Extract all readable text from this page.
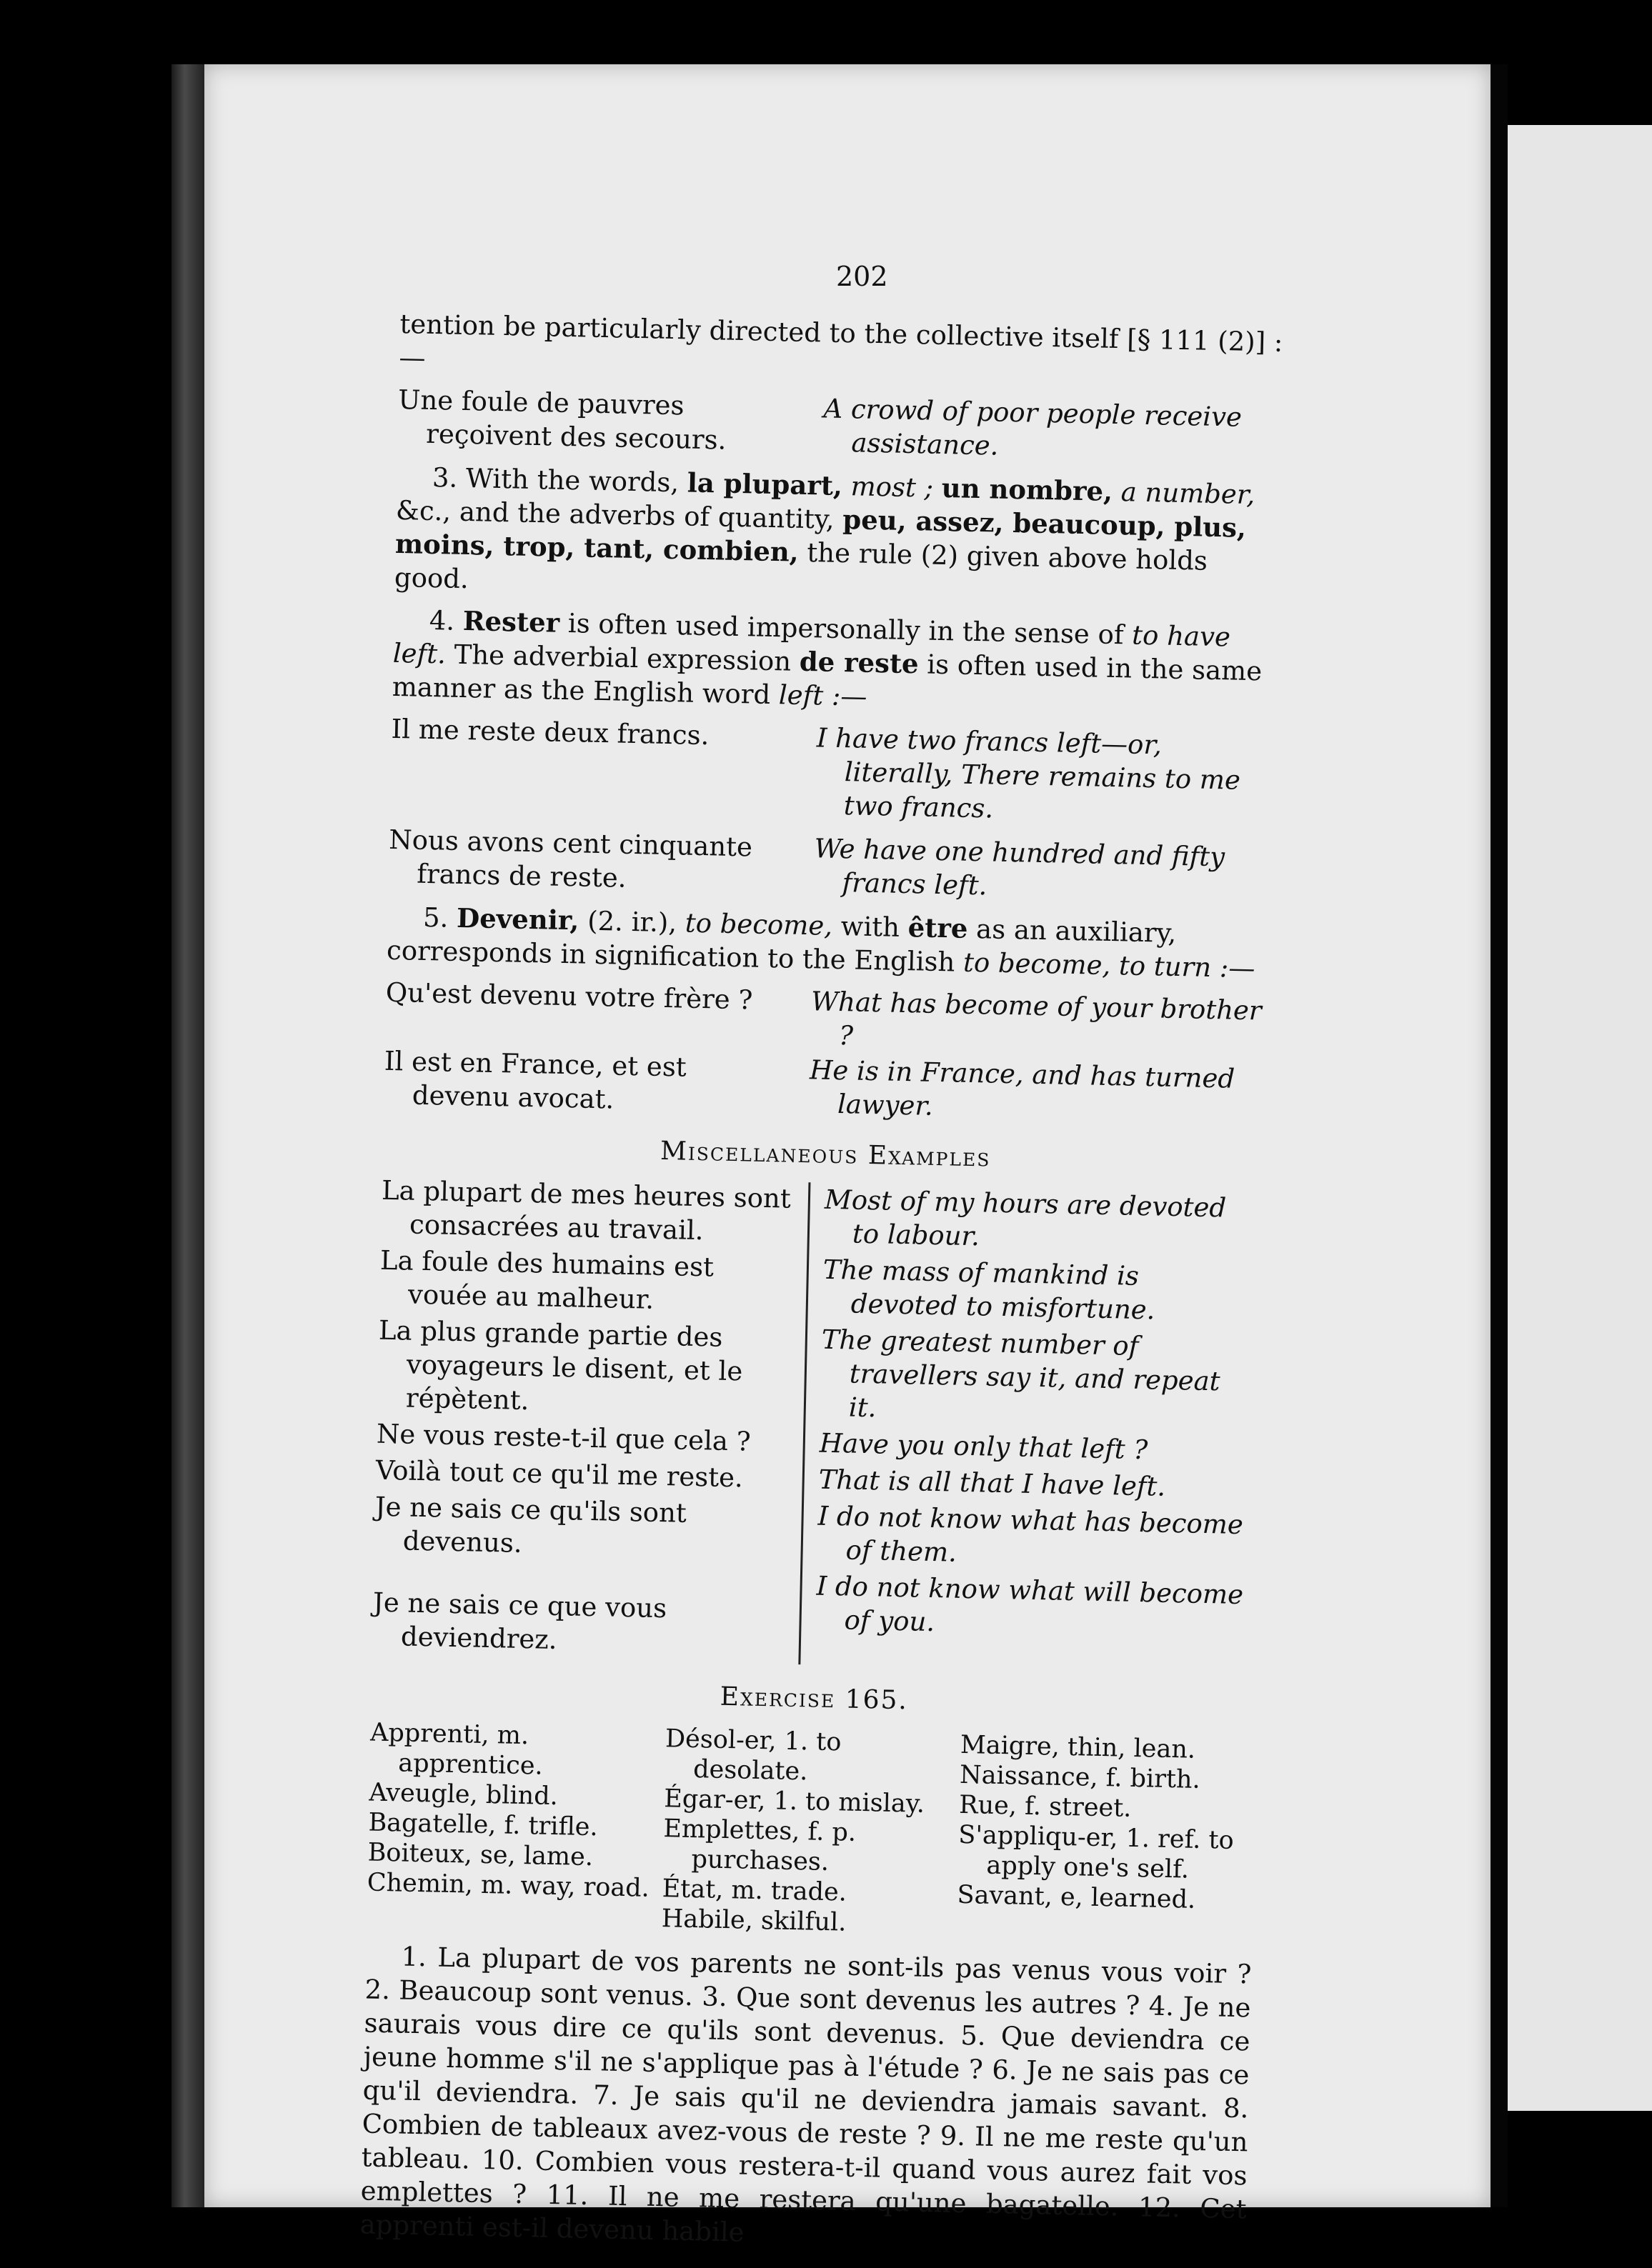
202

tention be particularly directed to the collective itself [§ 111 (2)] :—

Une foule de pauvres reçoivent des secours.
A crowd of poor people receive assistance.

3. With the words, la plupart, most ; un nombre, a number, &c., and the adverbs of quantity, peu, assez, beaucoup, plus, moins, trop, tant, combien, the rule (2) given above holds good.

4. Rester is often used impersonally in the sense of to have left. The adverbial expression de reste is often used in the same manner as the English word left :—

Il me reste deux francs.	I have two francs left—or, literally, There remains to me two francs.
Nous avons cent cinquante francs de reste.
We have one hundred and fifty francs left.

5. Devenir, (2. ir.), to become, with être as an auxiliary, corresponds in signification to the English to become, to turn :—

Qu'est devenu votre frère ?	What has become of your brother ?
Il est en France, et est devenu avocat.
He is in France, and has turned lawyer.
Miscellaneous Examples
La plupart de mes heures sont consacrées au travail.
La foule des humains est vouée au malheur.
La plus grande partie des voyageurs le disent, et le répètent.
Ne vous reste-t-il que cela ?
Voilà tout ce qu'il me reste.
Je ne sais ce qu'ils sont devenus.
Je ne sais ce que vous deviendrez.
Most of my hours are devoted to labour.
The mass of mankind is devoted to misfortune.
The greatest number of travellers say it, and repeat it.
Have you only that left ?
That is all that I have left.
I do not know what has become of them.
I do not know what will become of you.
Exercise 165.
Apprenti, m. apprentice.
Aveugle, blind.
Bagatelle, f. trifle.
Boiteux, se, lame.
Chemin, m. way, road.
Désol-er, 1. to desolate.
Égar-er, 1. to mislay.
Emplettes, f. p. purchases.
État, m. trade.
Habile, skilful.
Maigre, thin, lean.
Naissance, f. birth.
Rue, f. street.
S'appliqu-er, 1. ref. to apply one's self.
Savant, e, learned.

1. La plupart de vos parents ne sont-ils pas venus vous voir ? 2. Beaucoup sont venus. 3. Que sont devenus les autres ? 4. Je ne saurais vous dire ce qu'ils sont devenus. 5. Que deviendra ce jeune homme s'il ne s'applique pas à l'étude ? 6. Je ne sais pas ce qu'il deviendra. 7. Je sais qu'il ne deviendra jamais savant. 8. Combien de tableaux avez-vous de reste ? 9. Il ne me reste qu'un tableau. 10. Combien vous restera-t-il quand vous aurez fait vos emplettes ? 11. Il ne me restera qu'une bagatelle. 12. Cet apprenti est-il devenu habile
